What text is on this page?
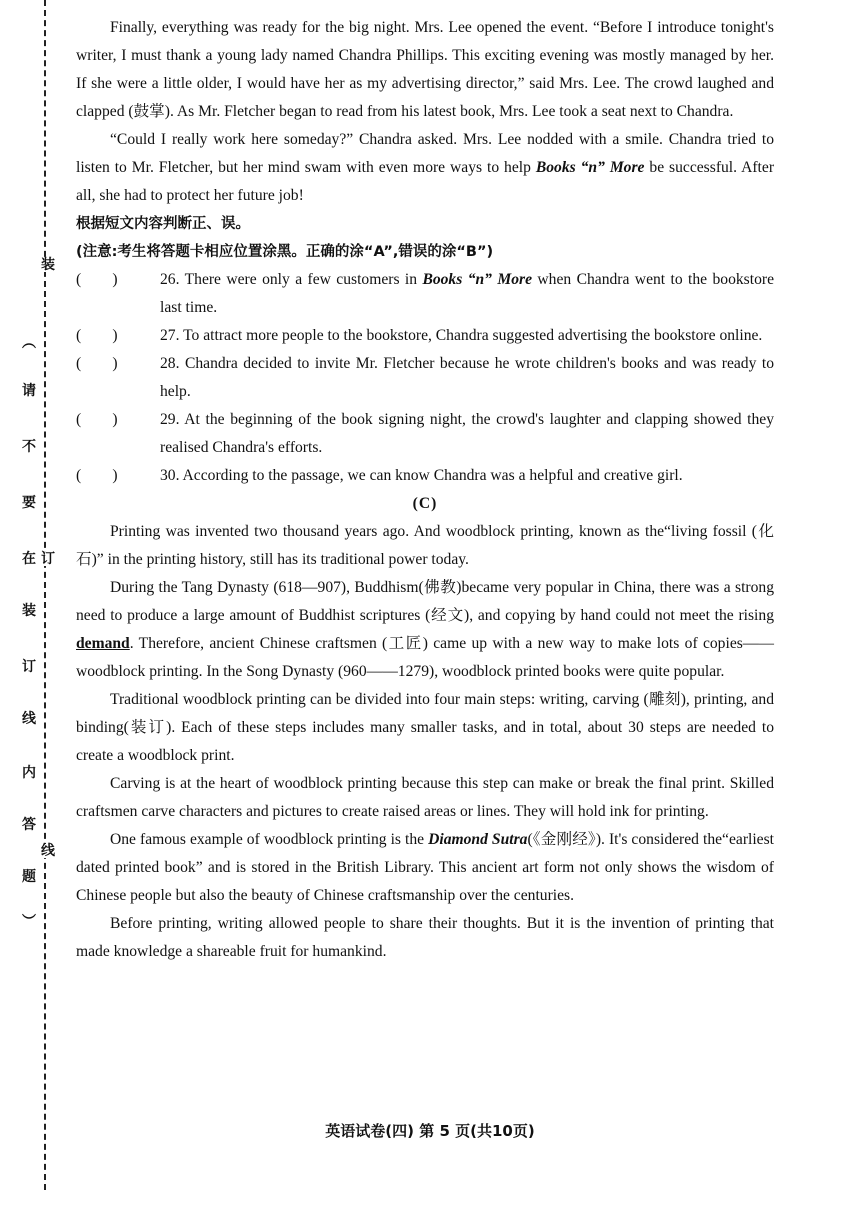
装
︵
请
不
要
在 订
装
订
线
内
答
题
︶
线

Finally, everything was ready for the big night. Mrs. Lee opened the event. “Before I introduce tonight's writer, I must thank a young lady named Chandra Phillips. This exciting evening was mostly managed by her. If she were a little older, I would have her as my advertising director,” said Mrs. Lee. The crowd laughed and clapped (鼓掌). As Mr. Fletcher began to read from his latest book, Mrs. Lee took a seat next to Chandra.

“Could I really work here someday?” Chandra asked. Mrs. Lee nodded with a smile. Chandra tried to listen to Mr. Fletcher, but her mind swam with even more ways to help Books “n” More be successful. After all, she had to protect her future job!

根据短文内容判断正、误。

(注意:考生将答题卡相应位置涂黑。正确的涂“A”,错误的涂“B”)

(        )	26. There were only a few customers in Books “n” More when Chandra went to the bookstore last time.
(        )	27. To attract more people to the bookstore, Chandra suggested advertising the bookstore online.
(        )	28. Chandra decided to invite Mr. Fletcher because he wrote children's books and was ready to help.
(        )	29. At the beginning of the book signing night, the crowd's laughter and clapping showed they realised Chandra's efforts.
(        )	30. According to the passage, we can know Chandra was a helpful and creative girl.

(C)

Printing was invented two thousand years ago. And woodblock printing, known as the“living fossil (化石)” in the printing history, still has its traditional power today.

During the Tang Dynasty (618—907), Buddhism(佛教)became very popular in China, there was a strong need to produce a large amount of Buddhist scriptures (经文), and copying by hand could not meet the rising demand. Therefore, ancient Chinese craftsmen (工匠) came up with a new way to make lots of copies——woodblock printing. In the Song Dynasty (960——1279), woodblock printed books were quite popular.

Traditional woodblock printing can be divided into four main steps: writing, carving (雕刻), printing, and binding(装订). Each of these steps includes many smaller tasks, and in total, about 30 steps are needed to create a woodblock print.

Carving is at the heart of woodblock printing because this step can make or break the final print. Skilled craftsmen carve characters and pictures to create raised areas or lines. They will hold ink for printing.

One famous example of woodblock printing is the Diamond Sutra(《金刚经》). It's considered the“earliest dated printed book” and is stored in the British Library. This ancient art form not only shows the wisdom of Chinese people but also the beauty of Chinese craftsmanship over the centuries.

Before printing, writing allowed people to share their thoughts. But it is the invention of printing that made knowledge a shareable fruit for humankind.

英语试卷(四) 第 5 页(共10页)
